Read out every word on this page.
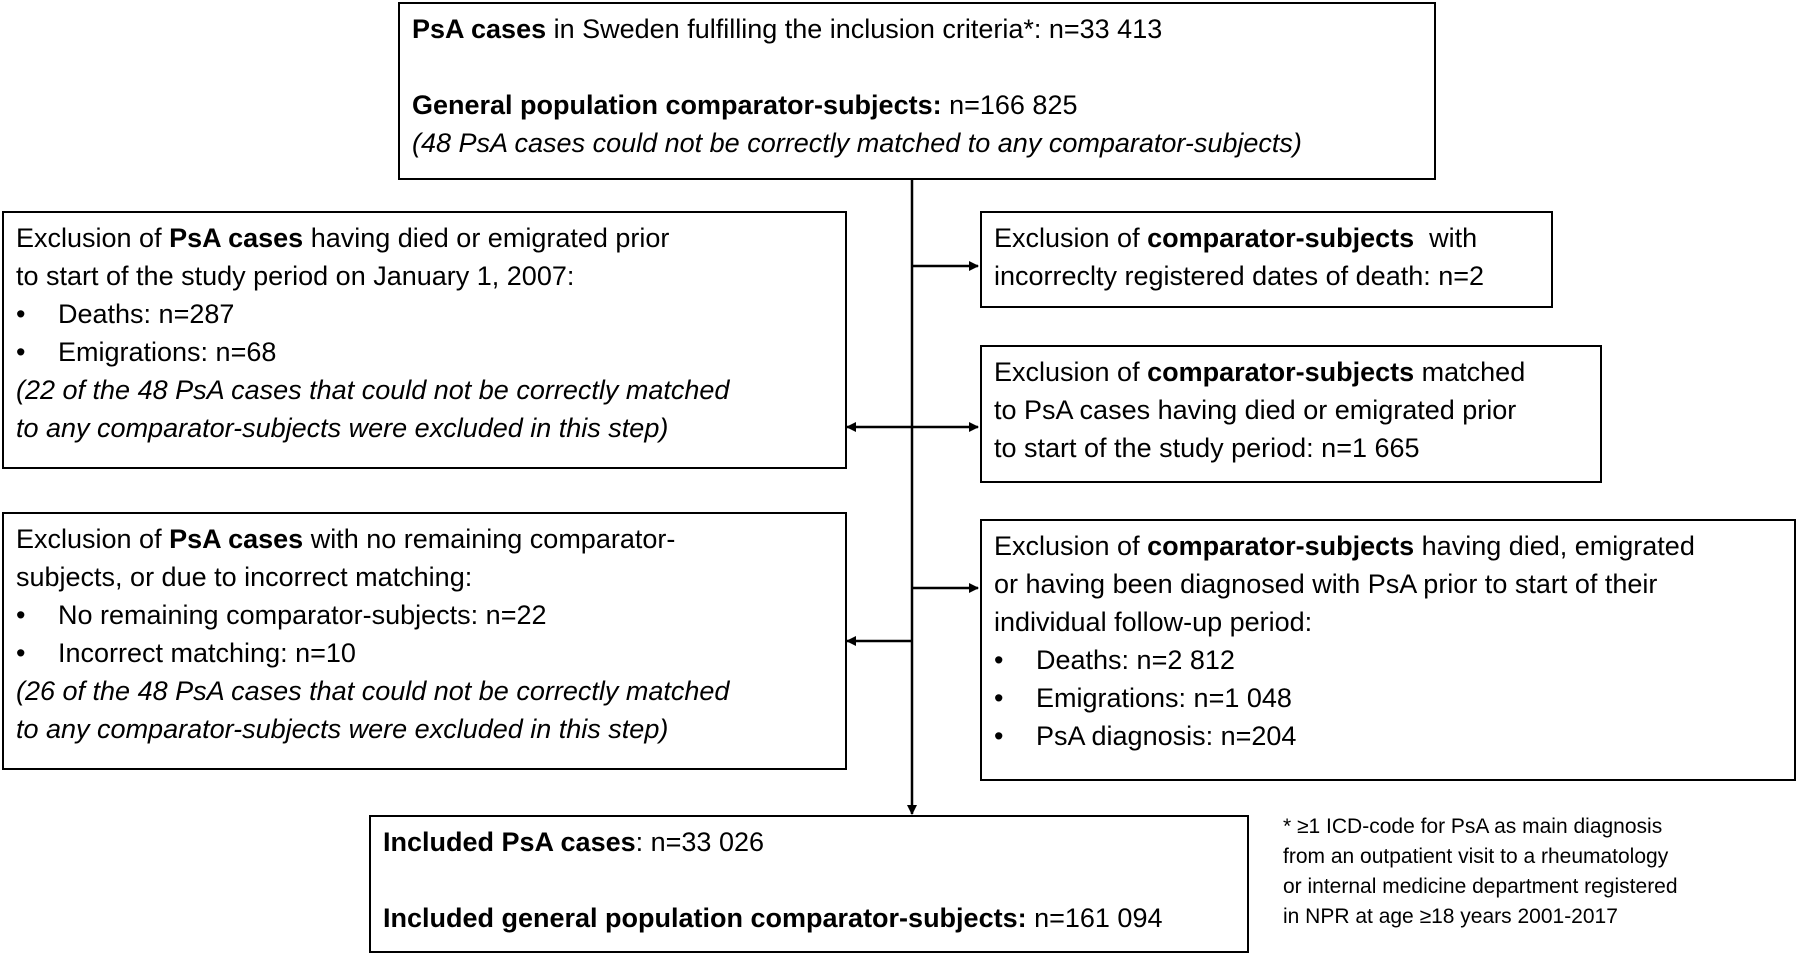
PsA cases in Sweden fulfilling the inclusion criteria*: n=33 413
General population comparator-subjects: n=166 825
(48 PsA cases could not be correctly matched to any comparator-subjects)
Exclusion of PsA cases having died or emigrated prior
to start of the study period on January 1, 2007:
• Deaths: n=287
• Emigrations: n=68
(22 of the 48 PsA cases that could not be correctly matched
to any comparator-subjects were excluded in this step)
Exclusion of PsA cases with no remaining comparator-
subjects, or due to incorrect matching:
• No remaining comparator-subjects: n=22
• Incorrect matching: n=10
(26 of the 48 PsA cases that could not be correctly matched
to any comparator-subjects were excluded in this step)
Exclusion of comparator-subjects  with
incorreclty registered dates of death: n=2
Exclusion of comparator-subjects matched
to PsA cases having died or emigrated prior
to start of the study period: n=1 665
Exclusion of comparator-subjects having died, emigrated
or having been diagnosed with PsA prior to start of their
individual follow-up period:
• Deaths: n=2 812
• Emigrations: n=1 048
• PsA diagnosis: n=204
Included PsA cases: n=33 026
Included general population comparator-subjects: n=161 094
* ≥1 ICD-code for PsA as main diagnosis
from an outpatient visit to a rheumatology
or internal medicine department registered
in NPR at age ≥18 years 2001-2017
